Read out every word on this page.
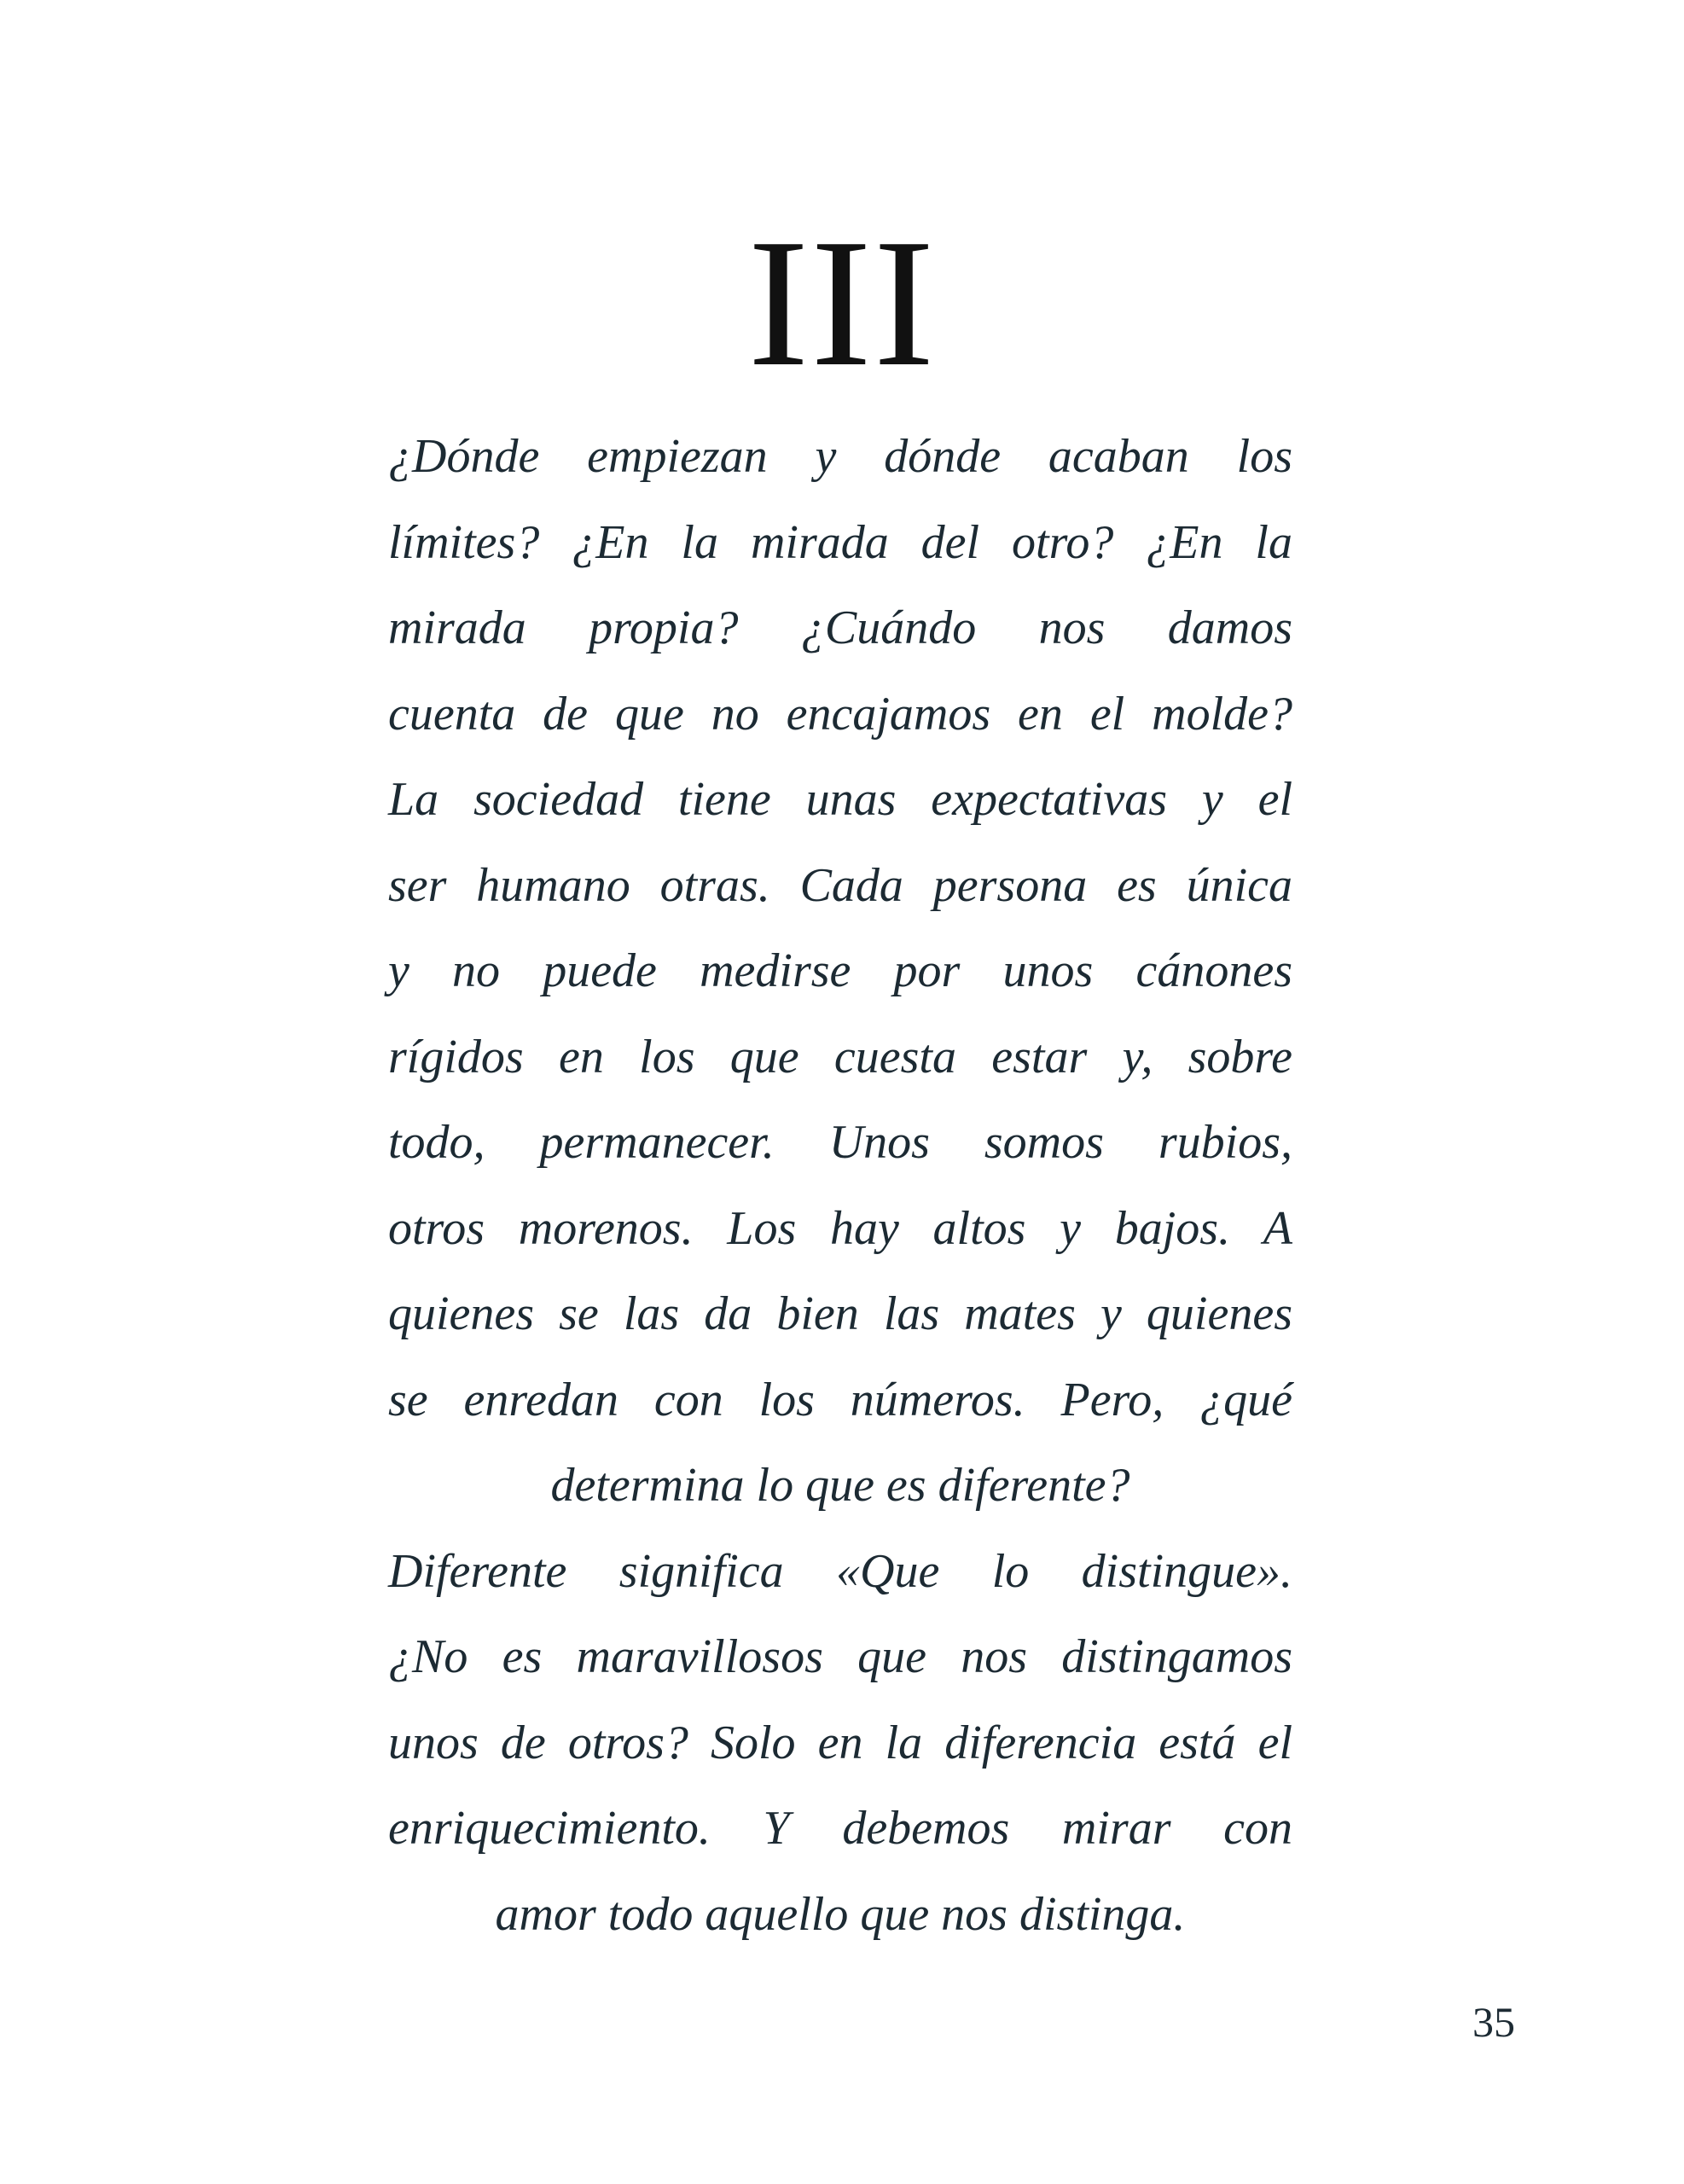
III
¿Dónde empiezan y dónde acaban los
límites? ¿En la mirada del otro? ¿En la
mirada propia? ¿Cuándo nos damos
cuenta de que no encajamos en el molde?
La sociedad tiene unas expectativas y el
ser humano otras. Cada persona es única
y no puede medirse por unos cánones
rígidos en los que cuesta estar y, sobre
todo, permanecer. Unos somos rubios,
otros morenos. Los hay altos y bajos. A
quienes se las da bien las mates y quienes
se enredan con los números. Pero, ¿qué
determina lo que es diferente?
Diferente significa «Que lo distingue».
¿No es maravillosos que nos distingamos
unos de otros? Solo en la diferencia está el
enriquecimiento. Y debemos mirar con
amor todo aquello que nos distinga.
35
